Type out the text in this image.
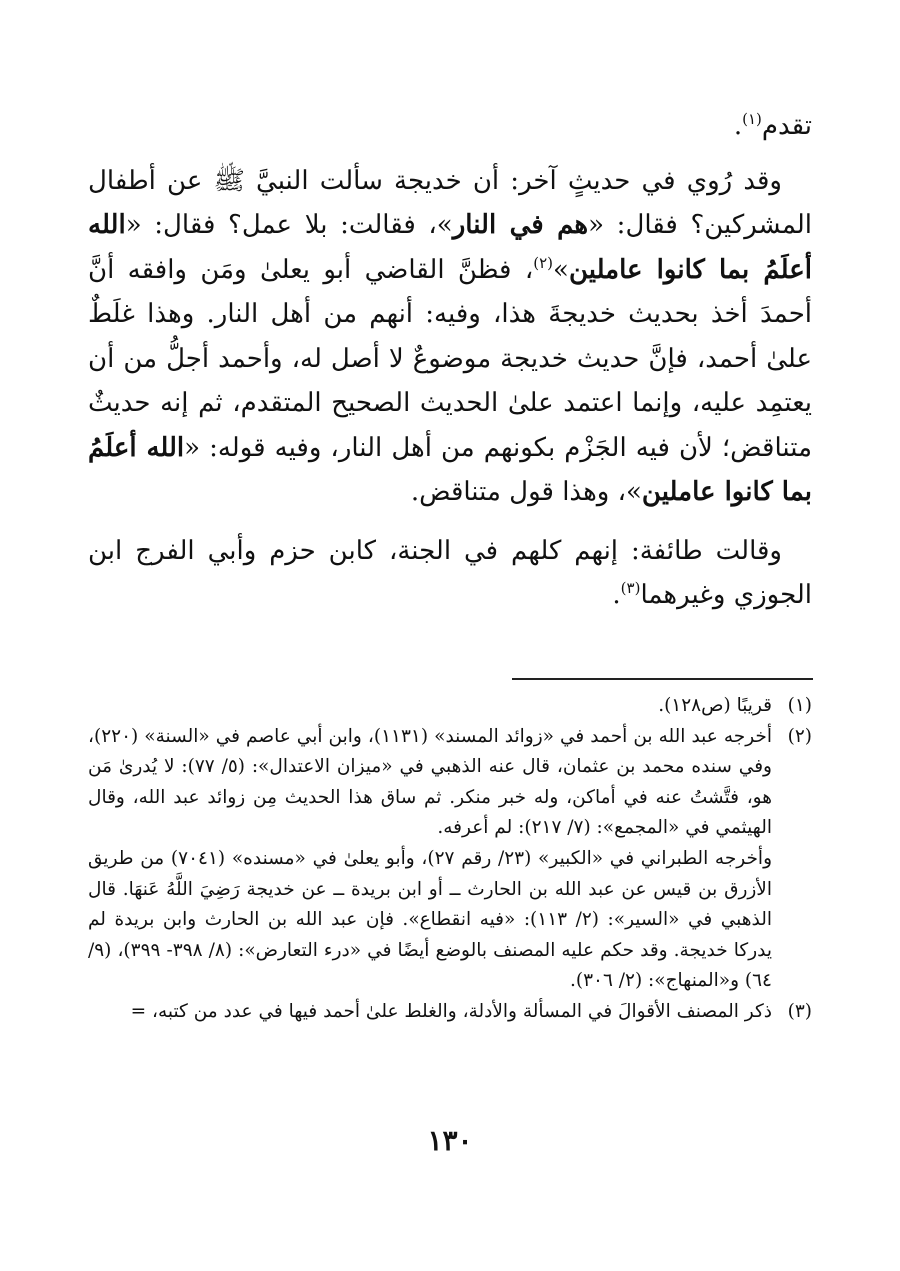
تقدم$^{(١)}$.

وقد رُوي في حديثٍ آخر: أن خديجة سألت النبيَّ ﷺ عن أطفال المشركين؟ فقال: «هم في النار»، فقالت: بلا عمل؟ فقال: «الله أعلَمُ بما كانوا عاملين»$^{(٢)}$، فظنَّ القاضي أبو يعلىٰ ومَن وافقه أنَّ أحمدَ أخذ بحديث خديجةَ هذا، وفيه: أنهم من أهل النار. وهذا غلَطٌ علىٰ أحمد، فإنَّ حديث خديجة موضوعٌ لا أصل له، وأحمد أجلُّ من أن يعتمِد عليه، وإنما اعتمد علىٰ الحديث الصحيح المتقدم، ثم إنه حديثٌ متناقض؛ لأن فيه الجَزْم بكونهم من أهل النار، وفيه قوله: «الله أعلَمُ بما كانوا عاملين»، وهذا قول متناقض.

وقالت طائفة: إنهم كلهم في الجنة، كابن حزم وأبي الفرج ابن الجوزي وغيرهما$^{(٣)}$.

(١)

قريبًا (ص١٢٨).

(٢)

أخرجه عبد الله بن أحمد في «زوائد المسند» (١١٣١)، وابن أبي عاصم في «السنة» (٢٢٠)، وفي سنده محمد بن عثمان، قال عنه الذهبي في «ميزان الاعتدال»: (٥/ ٧٧): لا يُدرىٰ مَن هو، فتَّشتُ عنه في أماكن، وله خبر منكر. ثم ساق هذا الحديث مِن زوائد عبد الله، وقال الهيثمي في «المجمع»: (٧/ ٢١٧): لم أعرفه.

وأخرجه الطبراني في «الكبير» (٢٣/ رقم ٢٧)، وأبو يعلىٰ في «مسنده» (٧٠٤١) من طريق الأزرق بن قيس عن عبد الله بن الحارث ــ أو ابن بريدة ــ عن خديجة رَضِيَ اللَّهُ عَنهَا. قال الذهبي في «السير»: (٢/ ١١٣): «فيه انقطاع». فإن عبد الله بن الحارث وابن بريدة لم يدركا خديجة. وقد حكم عليه المصنف بالوضع أيضًا في «درء التعارض»: (٨/ ٣٩٨- ٣٩٩)، (٩/ ٦٤) و«المنهاج»: (٢/ ٣٠٦).

(٣)

ذكر المصنف الأقوالَ في المسألة والأدلة، والغلط علىٰ أحمد فيها في عدد من كتبه، =

١٣٠
